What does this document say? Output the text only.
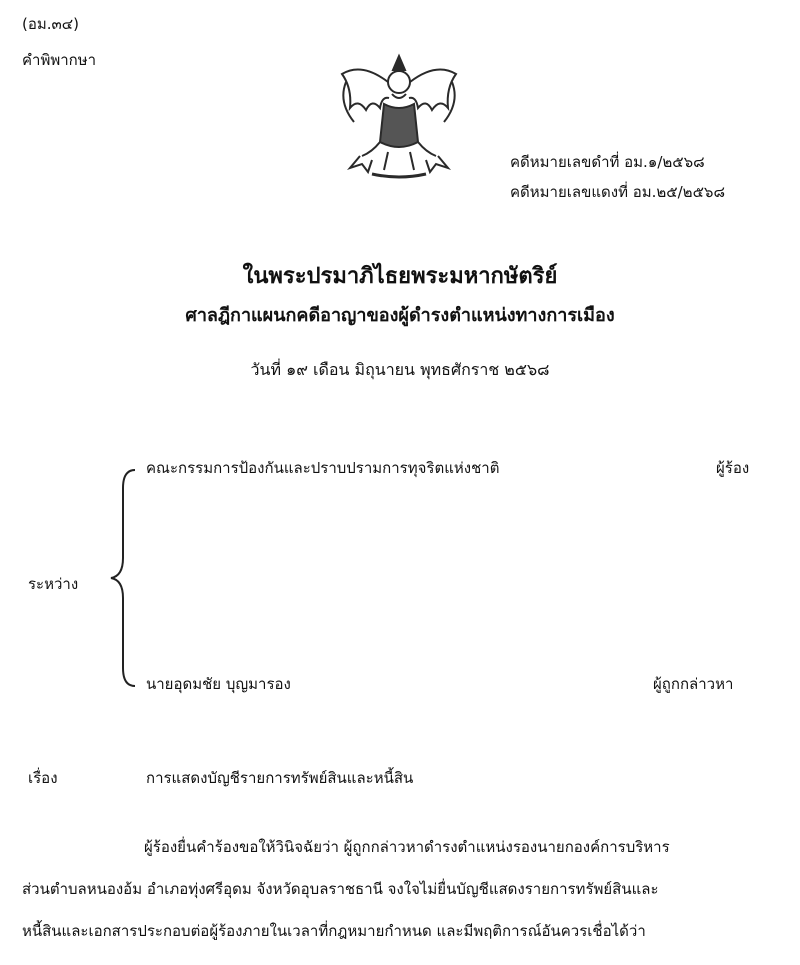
(อม.๓๔)
คำพิพากษา
คดีหมายเลขดำที่ อม.๑/๒๕๖๘
คดีหมายเลขแดงที่ อม.๒๕/๒๕๖๘
ในพระปรมาภิไธยพระมหากษัตริย์
ศาลฎีกาแผนกคดีอาญาของผู้ดำรงตำแหน่งทางการเมือง
วันที่ ๑๙ เดือน มิถุนายน พุทธศักราช ๒๕๖๘
คณะกรรมการป้องกันและปราบปรามการทุจริตแห่งชาติ	ผู้ร้อง
ระหว่าง
นายอุดมชัย บุญมารอง	ผู้ถูกกล่าวหา
เรื่อง	การแสดงบัญชีรายการทรัพย์สินและหนี้สิน
ผู้ร้องยื่นคำร้องขอให้วินิจฉัยว่า ผู้ถูกกล่าวหาดำรงตำแหน่งรองนายกองค์การบริหาร
ส่วนตำบลหนองอ้ม อำเภอทุ่งศรีอุดม จังหวัดอุบลราชธานี จงใจไม่ยื่นบัญชีแสดงรายการทรัพย์สินและ
หนี้สินและเอกสารประกอบต่อผู้ร้องภายในเวลาที่กฎหมายกำหนด และมีพฤติการณ์อันควรเชื่อได้ว่า
